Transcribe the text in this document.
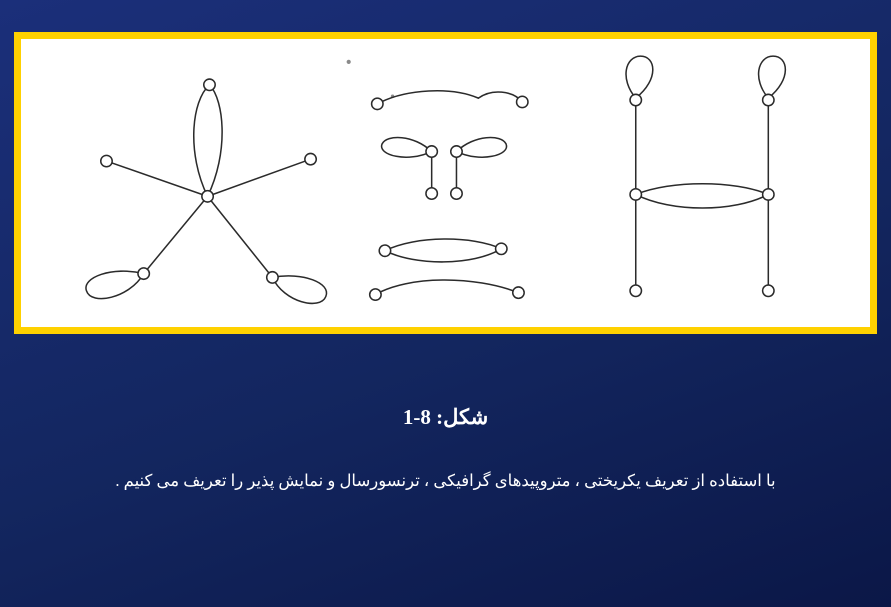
شکل: 8-1
با استفاده از تعریف یکریختی ، متروپیدهای گرافیکی ، ترنسورسال و نمایش پذیر را تعریف می کنیم .
